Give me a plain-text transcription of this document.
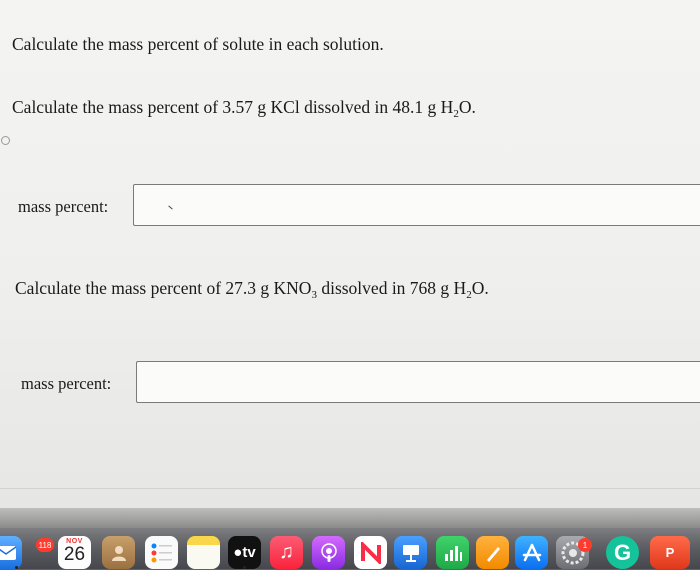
Calculate the mass percent of solute in each solution.
Calculate the mass percent of 3.57 g KCl dissolved in 48.1 g $H_2O$.
mass percent:
Calculate the mass percent of 27.3 g $KNO_3$ dissolved in 768 g $H_2O$.
mass percent:
118	NOV
26	● tv ♫	1 G	P
